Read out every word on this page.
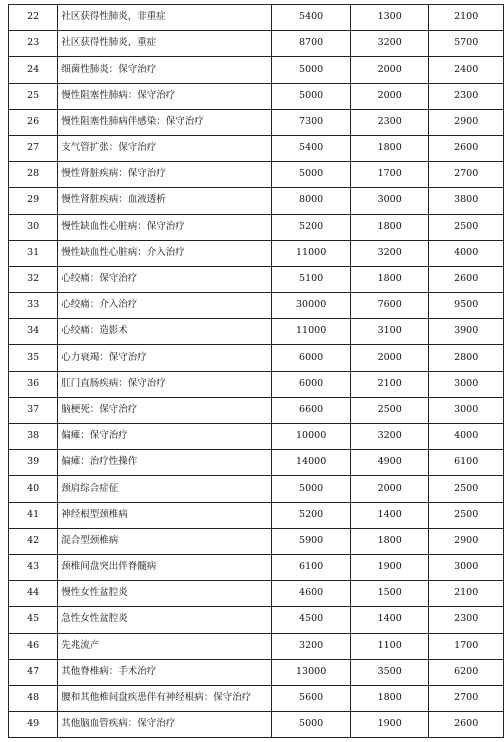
22	社区获得性肺炎，非重症	5400	1300	2100
23	社区获得性肺炎，重症	8700	3200	5700
24	细菌性肺炎：保守治疗	5000	2000	2400
25	慢性阻塞性肺病：保守治疗	5000	2000	2300
26	慢性阻塞性肺病伴感染：保守治疗	7300	2300	2900
27	支气管扩张：保守治疗	5400	1800	2600
28	慢性肾脏疾病：保守治疗	5000	1700	2700
29	慢性肾脏疾病：血液透析	8000	3000	3800
30	慢性缺血性心脏病：保守治疗	5200	1800	2500
31	慢性缺血性心脏病：介入治疗	11000	3200	4000
32	心绞痛：保守治疗	5100	1800	2600
33	心绞痛：介入治疗	30000	7600	9500
34	心绞痛：造影术	11000	3100	3900
35	心力衰竭：保守治疗	6000	2000	2800
36	肛门直肠疾病：保守治疗	6000	2100	3000
37	脑梗死：保守治疗	6600	2500	3000
38	偏瘫：保守治疗	10000	3200	4000
39	偏瘫：治疗性操作	14000	4900	6100
40	颈肩综合症征	5000	2000	2500
41	神经根型颈椎病	5200	1400	2500
42	混合型颈椎病	5900	1800	2900
43	颈椎间盘突出伴脊髓病	6100	1900	3000
44	慢性女性盆腔炎	4600	1500	2100
45	急性女性盆腔炎	4500	1400	2300
46	先兆流产	3200	1100	1700
47	其他脊椎病：手术治疗	13000	3500	6200
48	腰和其他椎间盘疾患伴有神经根病：保守治疗	5600	1800	2700
49	其他脑血管疾病：保守治疗	5000	1900	2600
